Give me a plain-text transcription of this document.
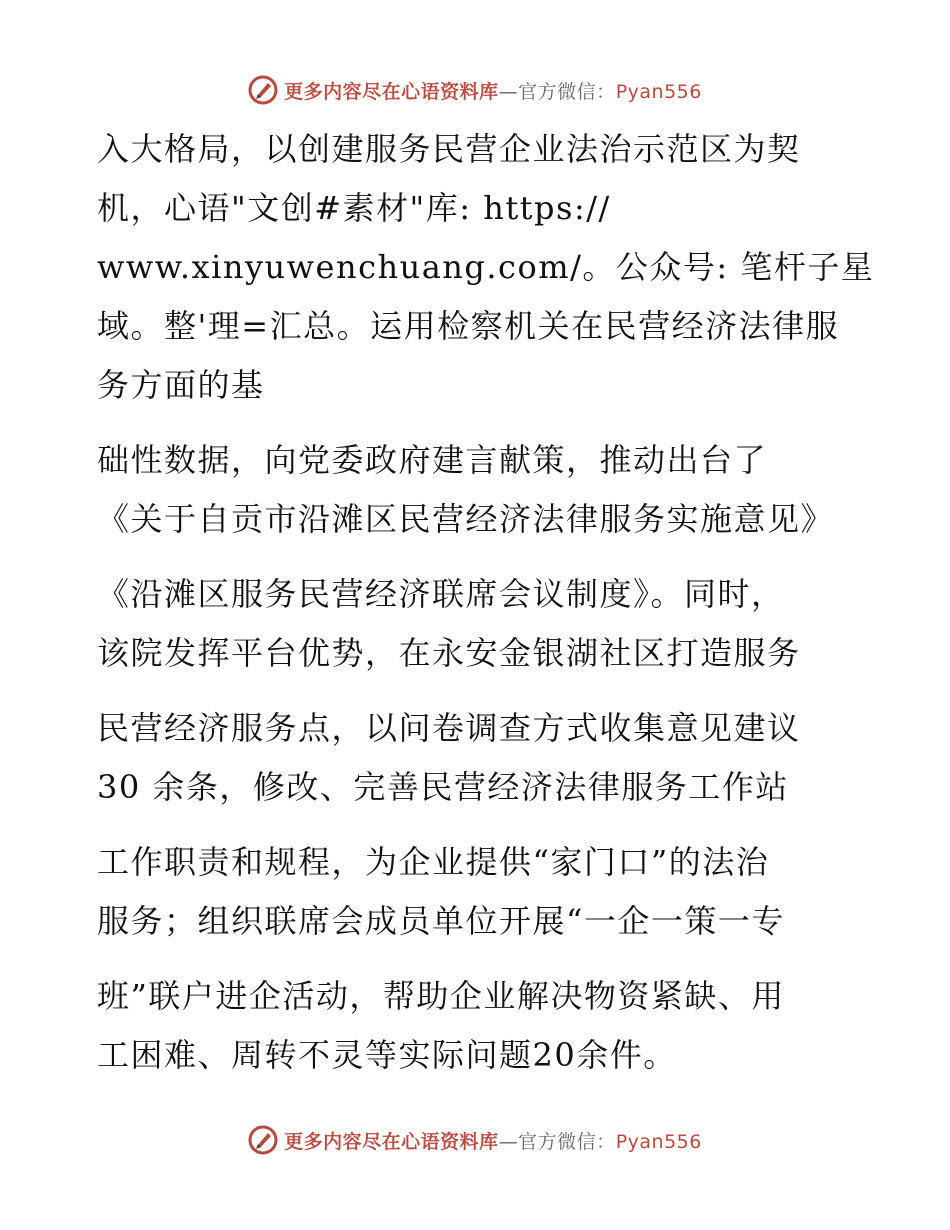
更多内容尽在心语资料库—官方微信：Pyan556

入大格局，以创建服务民营企业法治示范区为契
机，心语"文创#素材"库: https://
www.xinyuwenchuang.com/。公众号: 笔杆子星
域。整'理=汇总。运用检察机关在民营经济法律服
务方面的基

础性数据，向党委政府建言献策，推动出台了
《关于自贡市沿滩区民营经济法律服务实施意见》

《沿滩区服务民营经济联席会议制度》。同时，
该院发挥平台优势，在永安金银湖社区打造服务

民营经济服务点，以问卷调查方式收集意见建议
30 余条，修改、完善民营经济法律服务工作站

工作职责和规程，为企业提供“家门口”的法治
服务；组织联席会成员单位开展“一企一策一专

班”联户进企活动，帮助企业解决物资紧缺、用
工困难、周转不灵等实际问题20余件。

更多内容尽在心语资料库—官方微信：Pyan556
